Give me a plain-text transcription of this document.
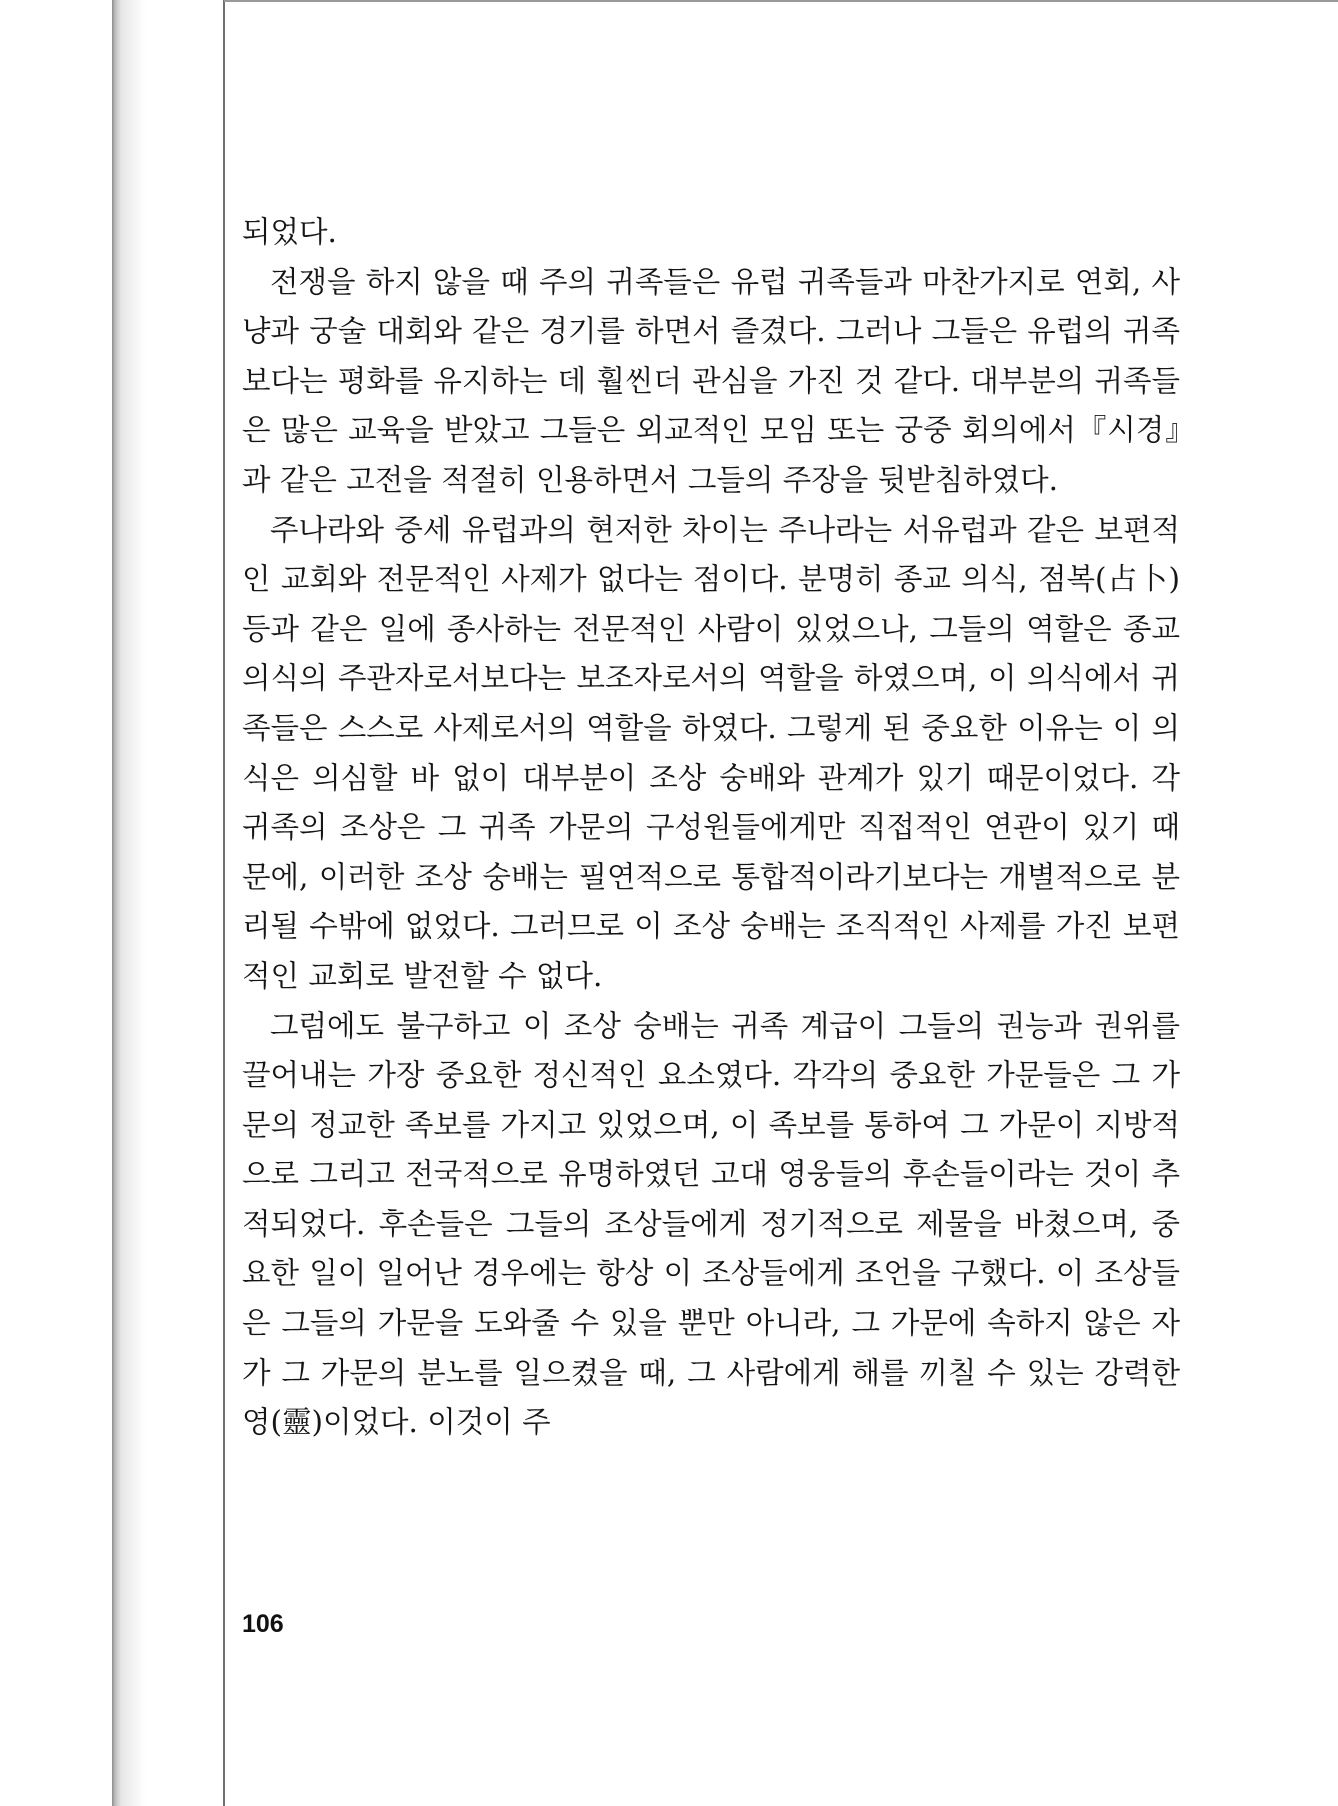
되었다.

전쟁을 하지 않을 때 주의 귀족들은 유럽 귀족들과 마찬가지로 연회, 사냥과 궁술 대회와 같은 경기를 하면서 즐겼다. 그러나 그들은 유럽의 귀족보다는 평화를 유지하는 데 훨씬더 관심을 가진 것 같다. 대부분의 귀족들은 많은 교육을 받았고 그들은 외교적인 모임 또는 궁중 회의에서『시경』과 같은 고전을 적절히 인용하면서 그들의 주장을 뒷받침하였다.

주나라와 중세 유럽과의 현저한 차이는 주나라는 서유럽과 같은 보편적인 교회와 전문적인 사제가 없다는 점이다. 분명히 종교 의식, 점복(占卜) 등과 같은 일에 종사하는 전문적인 사람이 있었으나, 그들의 역할은 종교 의식의 주관자로서보다는 보조자로서의 역할을 하였으며, 이 의식에서 귀족들은 스스로 사제로서의 역할을 하였다. 그렇게 된 중요한 이유는 이 의식은 의심할 바 없이 대부분이 조상 숭배와 관계가 있기 때문이었다. 각 귀족의 조상은 그 귀족 가문의 구성원들에게만 직접적인 연관이 있기 때문에, 이러한 조상 숭배는 필연적으로 통합적이라기보다는 개별적으로 분리될 수밖에 없었다. 그러므로 이 조상 숭배는 조직적인 사제를 가진 보편적인 교회로 발전할 수 없다.

그럼에도 불구하고 이 조상 숭배는 귀족 계급이 그들의 권능과 권위를 끌어내는 가장 중요한 정신적인 요소였다. 각각의 중요한 가문들은 그 가문의 정교한 족보를 가지고 있었으며, 이 족보를 통하여 그 가문이 지방적으로 그리고 전국적으로 유명하였던 고대 영웅들의 후손들이라는 것이 추적되었다. 후손들은 그들의 조상들에게 정기적으로 제물을 바쳤으며, 중요한 일이 일어난 경우에는 항상 이 조상들에게 조언을 구했다. 이 조상들은 그들의 가문을 도와줄 수 있을 뿐만 아니라, 그 가문에 속하지 않은 자가 그 가문의 분노를 일으켰을 때, 그 사람에게 해를 끼칠 수 있는 강력한 영(靈)이었다. 이것이 주

106
